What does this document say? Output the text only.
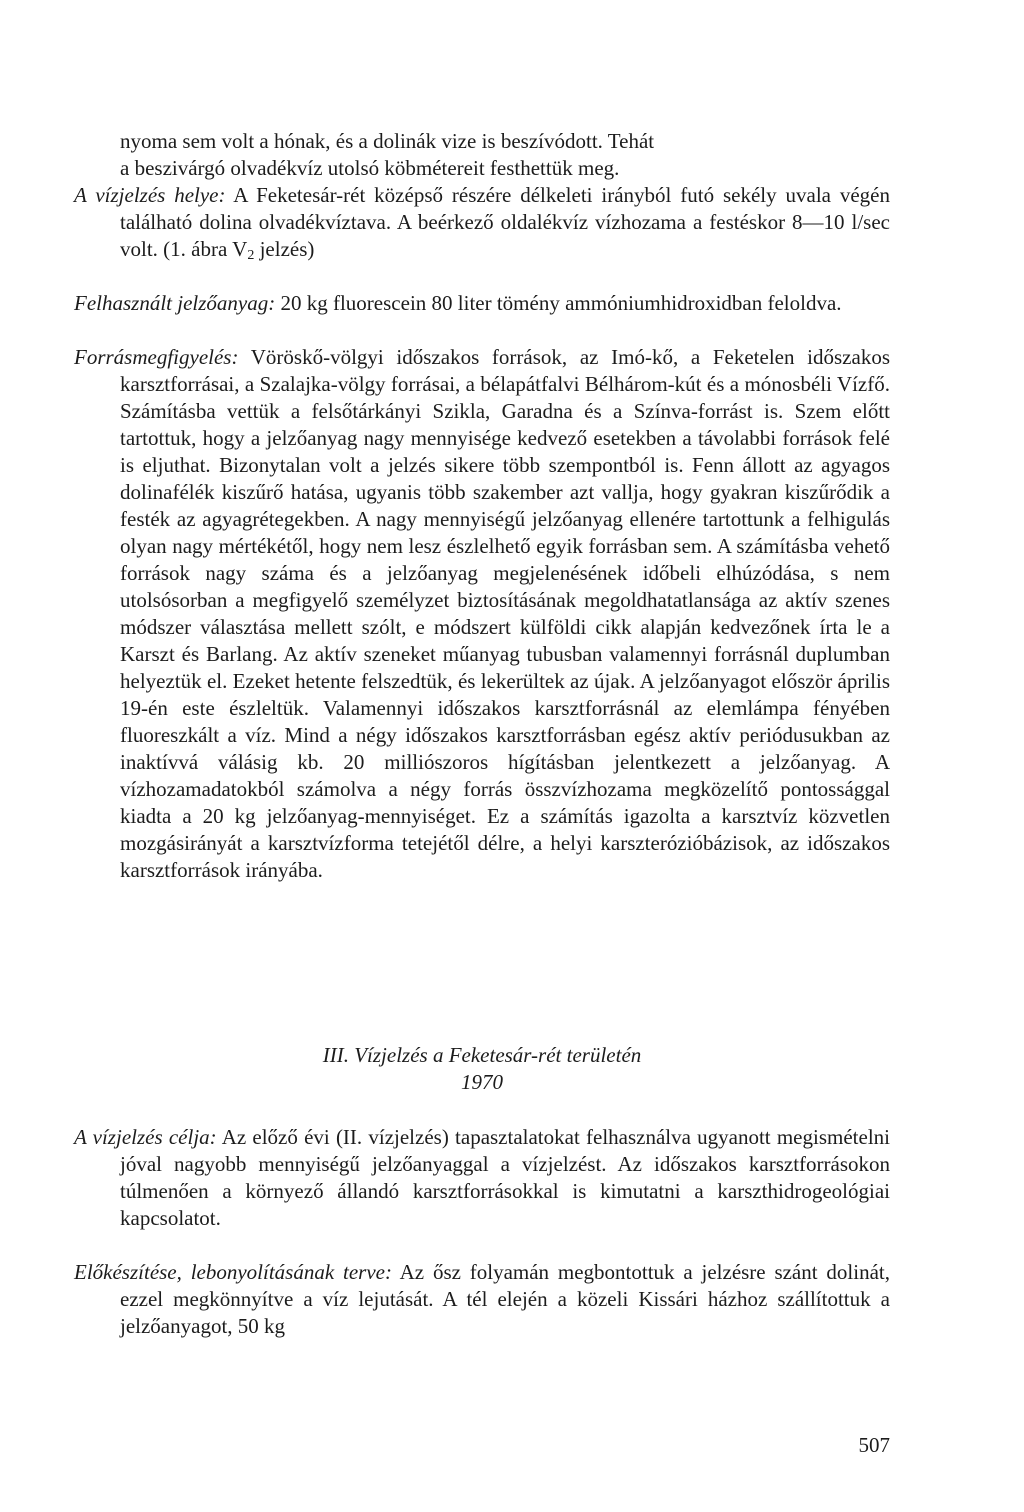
nyoma sem volt a hónak, és a dolinák vize is beszívódott. Tehát

a beszivárgó olvadékvíz utolsó köbmétereit festhettük meg.

A vízjelzés helye: A Feketesár-rét középső részére délkeleti irányból futó sekély uvala végén található dolina olvadékvíztava. A beérkező oldalékvíz vízhozama a festéskor 8—10 l/sec volt. (1. ábra $V_2$ jelzés)

Felhasznált jelzőanyag: 20 kg fluorescein 80 liter tömény ammóniumhidroxidban feloldva.

Forrásmegfigyelés: Vöröskő-völgyi időszakos források, az Imó-kő, a Feketelen időszakos karsztforrásai, a Szalajka-völgy forrásai, a bélapátfalvi Bélhárom-kút és a mónosbéli Vízfő. Számításba vettük a felsőtárkányi Szikla, Garadna és a Színva-forrást is. Szem előtt tartottuk, hogy a jelzőanyag nagy mennyisége kedvező esetekben a távolabbi források felé is eljuthat. Bizonytalan volt a jelzés sikere több szempontból is. Fenn állott az agyagos dolinafélék kiszűrő hatása, ugyanis több szakember azt vallja, hogy gyakran kiszűrődik a festék az agyagrétegekben. A nagy mennyiségű jelzőanyag ellenére tartottunk a felhigulás olyan nagy mértékétől, hogy nem lesz észlelhető egyik forrásban sem. A számításba vehető források nagy száma és a jelzőanyag megjelenésének időbeli elhúzódása, s nem utolsósorban a megfigyelő személyzet biztosításának megoldhatatlansága az aktív szenes módszer választása mellett szólt, e módszert külföldi cikk alapján kedvezőnek írta le a Karszt és Barlang. Az aktív szeneket műanyag tubusban valamennyi forrásnál duplumban helyeztük el. Ezeket hetente felszedtük, és lekerültek az újak. A jelzőanyagot először április 19-én este észleltük. Valamennyi időszakos karsztforrásnál az elemlámpa fényében fluoreszkált a víz. Mind a négy időszakos karsztforrásban egész aktív periódusukban az inaktívvá válásig kb. 20 milliószoros hígításban jelentkezett a jelzőanyag. A vízhozamadatokból számolva a négy forrás összvízhozama megközelítő pontossággal kiadta a 20 kg jelzőanyag-mennyiséget. Ez a számítás igazolta a karsztvíz közvetlen mozgásirányát a karsztvízforma tetejétől délre, a helyi karszterózióbázisok, az időszakos karsztforrások irányába.

III. Vízjelzés a Feketesár-rét területén
1970

A vízjelzés célja: Az előző évi (II. vízjelzés) tapasztalatokat felhasználva ugyanott megismételni jóval nagyobb mennyiségű jelzőanyaggal a vízjelzést. Az időszakos karsztforrásokon túlmenően a környező állandó karsztforrásokkal is kimutatni a karszthidrogeológiai kapcsolatot.

Előkészítése, lebonyolításának terve: Az ősz folyamán megbontottuk a jelzésre szánt dolinát, ezzel megkönnyítve a víz lejutását. A tél elején a közeli Kissári házhoz szállítottuk a jelzőanyagot, 50 kg

507
